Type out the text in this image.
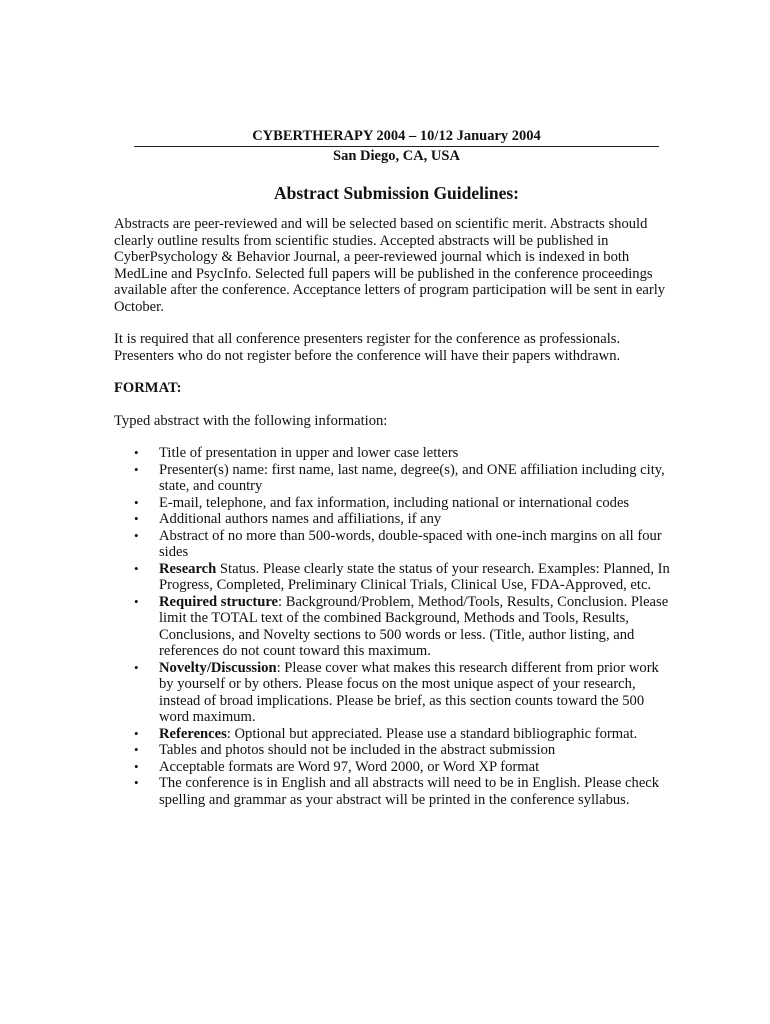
CYBERTHERAPY 2004 – 10/12 January 2004
San Diego, CA, USA
Abstract Submission Guidelines:

Abstracts are peer-reviewed and will be selected based on scientific merit. Abstracts should clearly outline results from scientific studies. Accepted abstracts will be published in CyberPsychology & Behavior Journal, a peer-reviewed journal which is indexed in both MedLine and PsycInfo. Selected full papers will be published in the conference proceedings available after the conference. Acceptance letters of program participation will be sent in early October.

It is required that all conference presenters register for the conference as professionals. Presenters who do not register before the conference will have their papers withdrawn.

FORMAT:

Typed abstract with the following information:

• Title of presentation in upper and lower case letters
• Presenter(s) name: first name, last name, degree(s), and ONE affiliation including city, state, and country
• E-mail, telephone, and fax information, including national or international codes
• Additional authors names and affiliations, if any
• Abstract of no more than 500-words, double-spaced with one-inch margins on all four sides
• Research Status. Please clearly state the status of your research. Examples: Planned, In Progress, Completed, Preliminary Clinical Trials, Clinical Use, FDA-Approved, etc.
• Required structure: Background/Problem, Method/Tools, Results, Conclusion. Please limit the TOTAL text of the combined Background, Methods and Tools, Results, Conclusions, and Novelty sections to 500 words or less. (Title, author listing, and references do not count toward this maximum.
• Novelty/Discussion: Please cover what makes this research different from prior work by yourself or by others. Please focus on the most unique aspect of your research, instead of broad implications. Please be brief, as this section counts toward the 500 word maximum.
• References: Optional but appreciated. Please use a standard bibliographic format.
• Tables and photos should not be included in the abstract submission
• Acceptable formats are Word 97, Word 2000, or Word XP format
• The conference is in English and all abstracts will need to be in English. Please check spelling and grammar as your abstract will be printed in the conference syllabus.
